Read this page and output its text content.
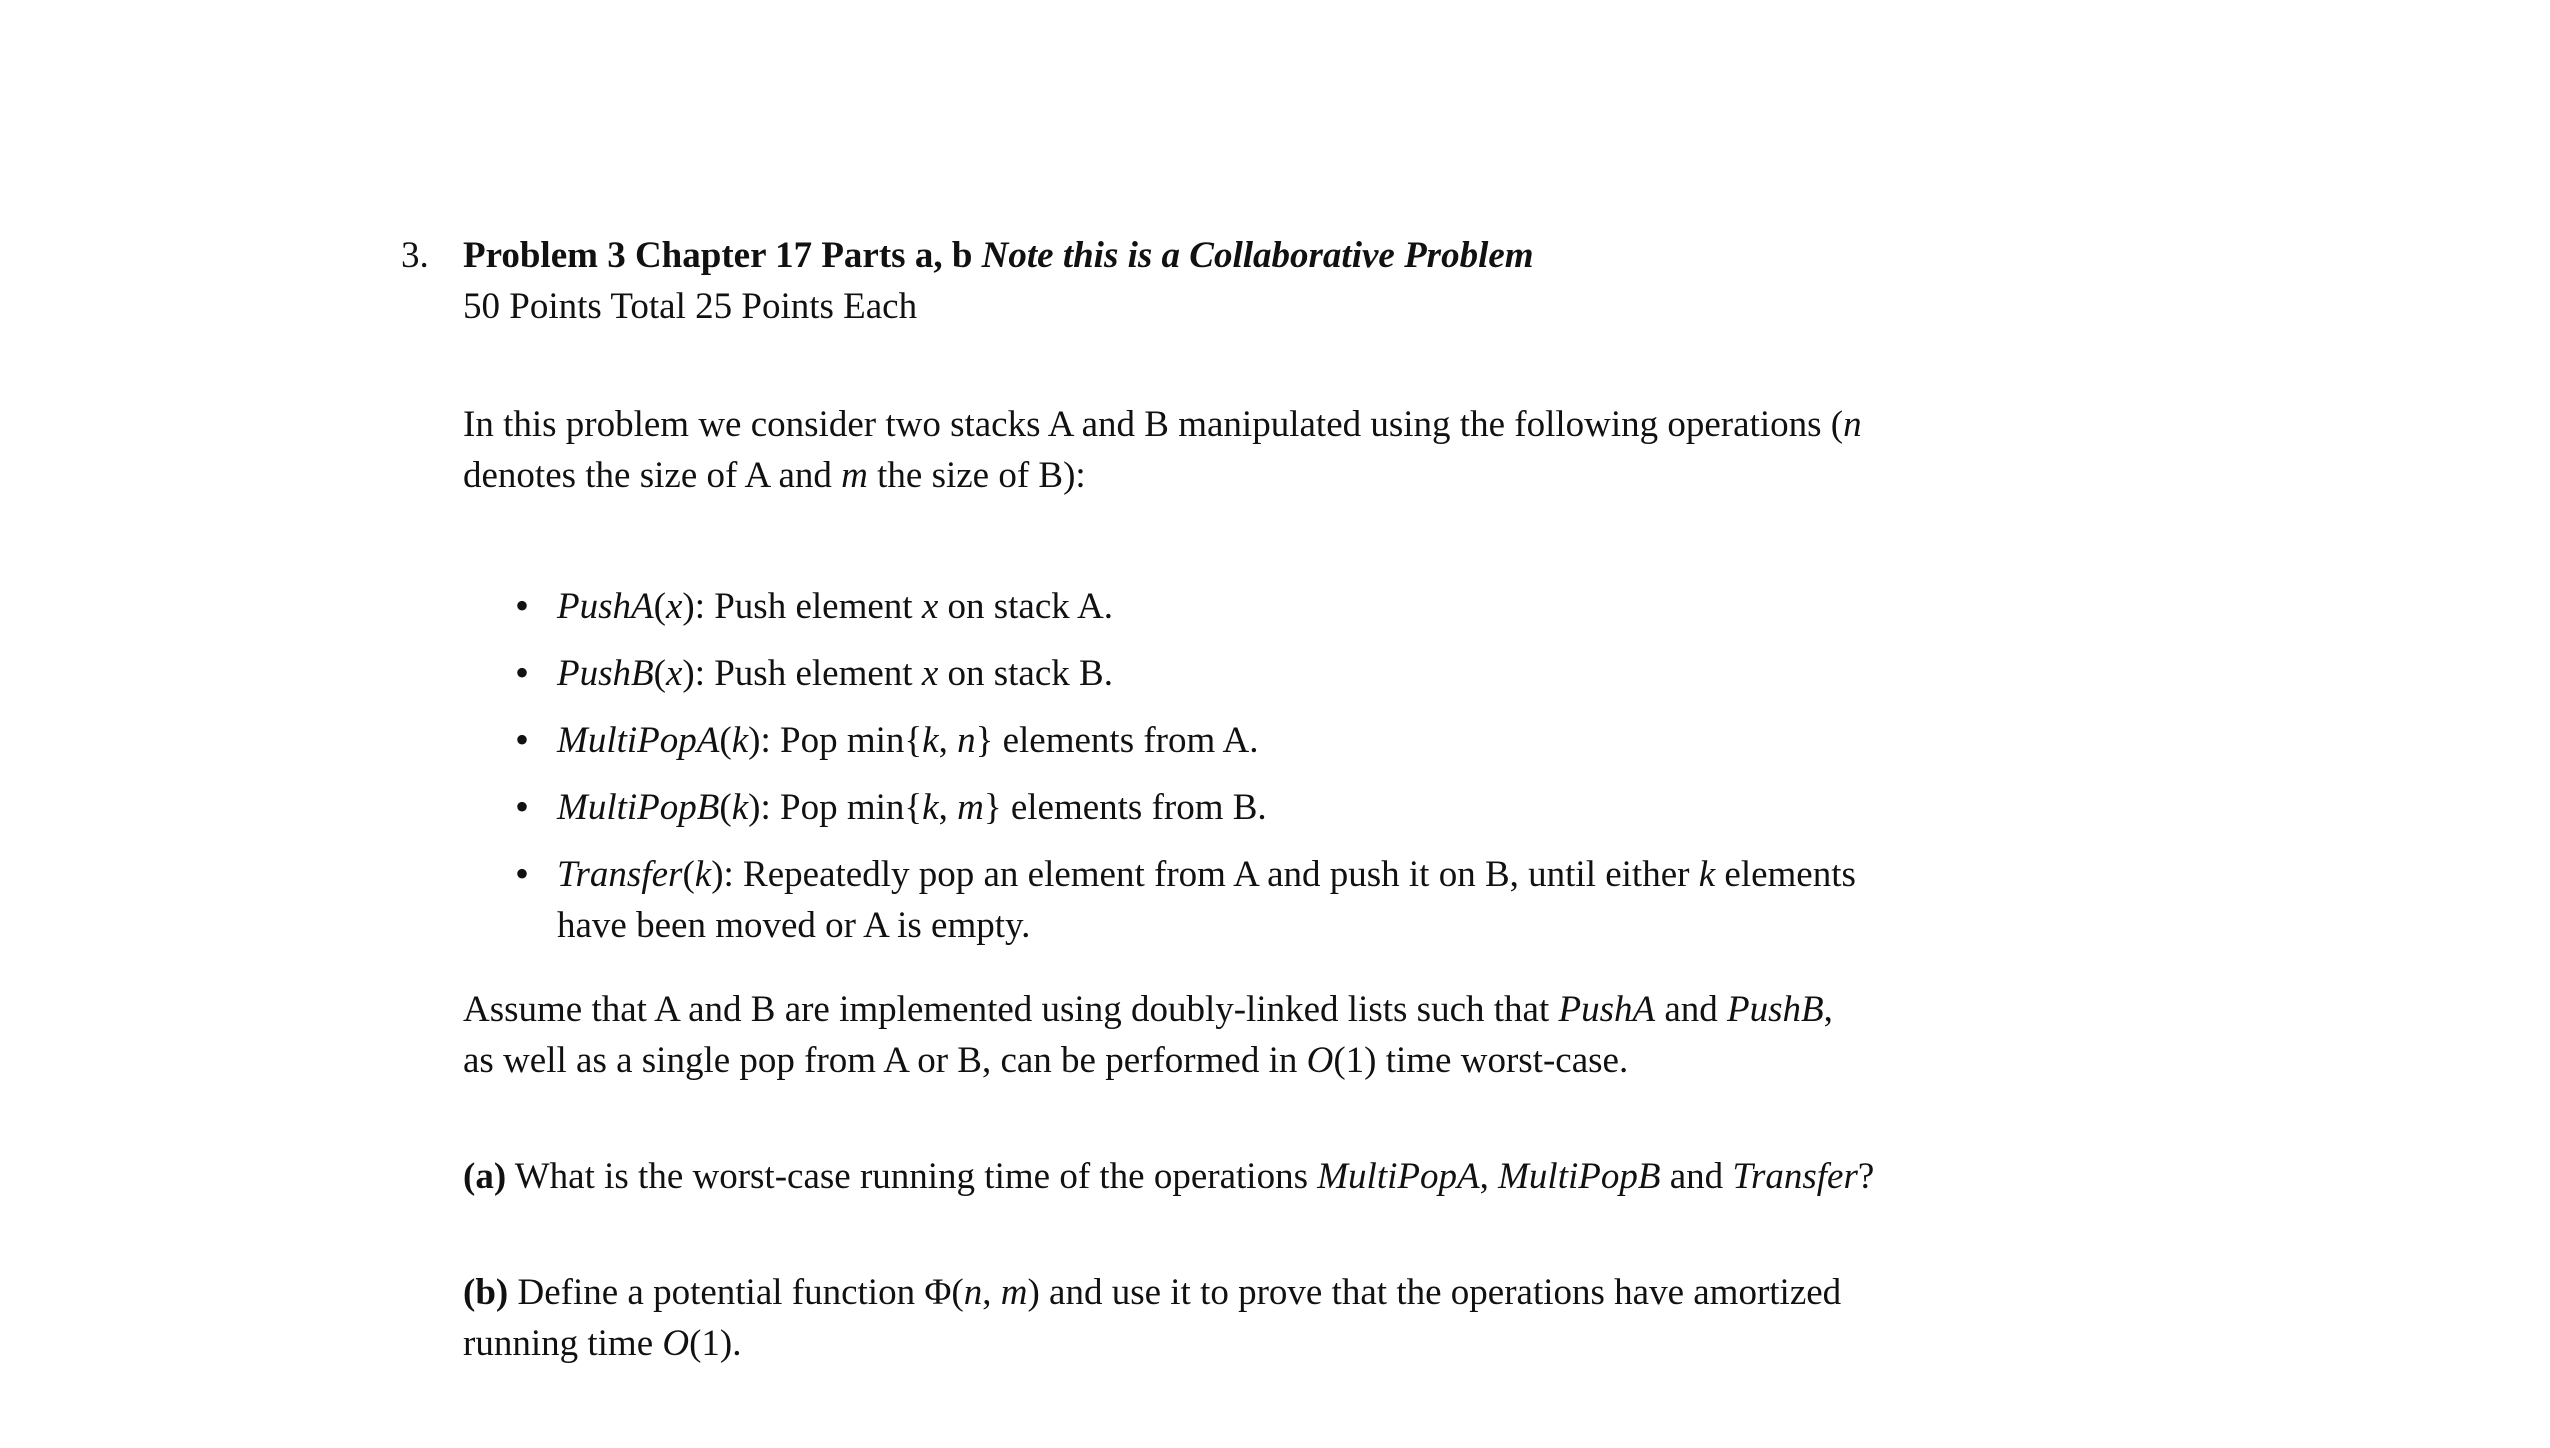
3. Problem 3 Chapter 17 Parts a, b Note this is a Collaborative Problem

50 Points Total 25 Points Each

In this problem we consider two stacks A and B manipulated using the following operations (n
denotes the size of A and m the size of B):

• PushA(x): Push element x on stack A.
• PushB(x): Push element x on stack B.
• MultiPopA(k): Pop min{k, n} elements from A.
• MultiPopB(k): Pop min{k, m} elements from B.
• Transfer(k): Repeatedly pop an element from A and push it on B, until either k elements
have been moved or A is empty.

Assume that A and B are implemented using doubly-linked lists such that PushA and PushB,
as well as a single pop from A or B, can be performed in O(1) time worst-case.

(a) What is the worst-case running time of the operations MultiPopA, MultiPopB and Transfer?

(b) Define a potential function Φ(n, m) and use it to prove that the operations have amortized
running time O(1).
